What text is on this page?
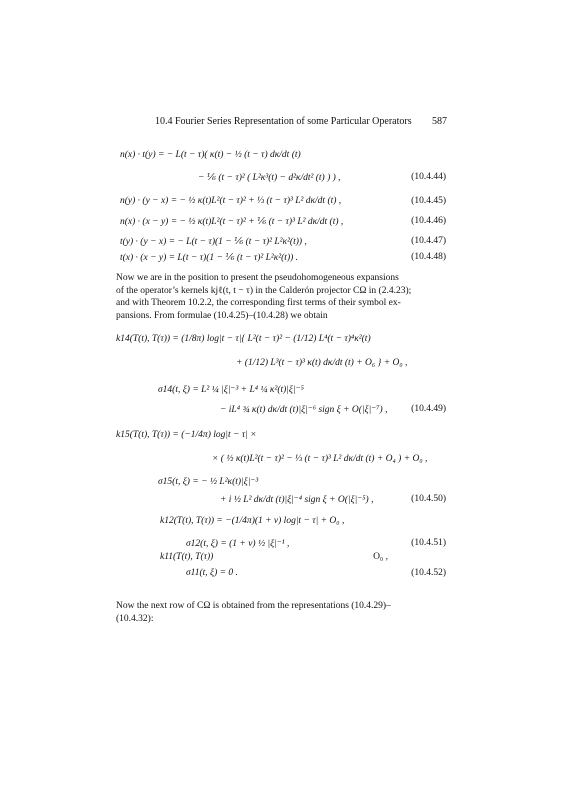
10.4 Fourier Series Representation of some Particular Operators 587
n(x) · t(y) = − L(t − τ)( κ(t) − ½ (t − τ) dκ/dt (t)
− ⅙ (t − τ)² ( L²κ³(t) − d²κ/dt² (t) ) ) ,	(10.4.44)
n(y) · (y − x) = − ½ κ(t)L²(t − τ)² + ⅓ (t − τ)³ L² dκ/dt (t) ,	(10.4.45)
n(x) · (x − y) = − ½ κ(t)L²(t − τ)² + ⅙ (t − τ)³ L² dκ/dt (t) ,	(10.4.46)
t(y) · (y − x) = − L(t − τ)(1 − ⅙ (t − τ)² L²κ²(t)) ,	(10.4.47)
t(x) · (x − y) = L(t − τ)(1 − ⅙ (t − τ)² L²κ²(t)) .	(10.4.48)
Now we are in the position to present the pseudohomogeneous expansions
of the operator’s kernels kjℓ(t, t − τ) in the Calderón projector CΩ in (2.4.23);
and with Theorem 10.2.2, the corresponding first terms of their symbol ex-
pansions. From formulae (10.4.25)–(10.4.28) we obtain
k14(T(t), T(τ)) = (1/8π) log|t − τ|{ L²(t − τ)² − (1/12) L⁴(t − τ)⁴κ²(t)
+ (1/12) L³(t − τ)³ κ(t) dκ/dt (t) + O₆ } + O₀ ,
σ14(t, ξ) = L² ¼ |ξ|⁻³ + L⁴ ¼ κ²(t)|ξ|⁻⁵
− iL⁴ ¾ κ(t) dκ/dt (t)|ξ|⁻⁶ sign ξ + O(|ξ|⁻⁷) , (10.4.49)
k15(T(t), T(τ)) = (−1/4π) log|t − τ| ×
× ( ½ κ(t)L²(t − τ)² − ⅓ (t − τ)³ L² dκ/dt (t) + O₄ ) + O₀ ,
σ15(t, ξ) = − ½ L²κ(t)|ξ|⁻³
+ i ½ L² dκ/dt (t)|ξ|⁻⁴ sign ξ + O(|ξ|⁻⁵) ,	(10.4.50)
k12(T(t), T(τ)) = −(1/4π)(1 + ν) log|t − τ| + O₀ ,
σ12(t, ξ) = (1 + ν) ½ |ξ|⁻¹ ,	(10.4.51)
k11(T(t), T(τ))	O₀ ,
σ11(t, ξ) = 0 .	(10.4.52)
Now the next row of CΩ is obtained from the representations (10.4.29)–
(10.4.32):
